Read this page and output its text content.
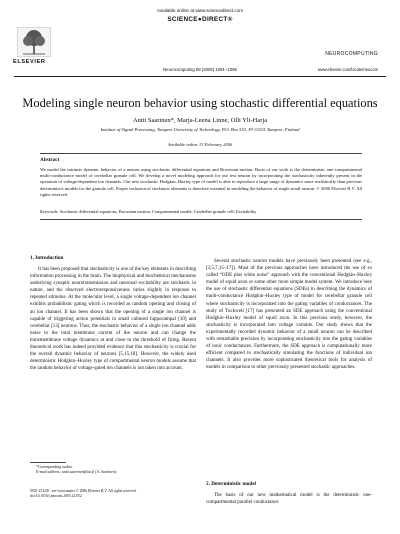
Available online at www.sciencedirect.com
SCIENCE●DIRECT®
ELSEVIER
NEUROCOMPUTING
Neurocomputing 69 (2006) 1091–1096	www.elsevier.com/locate/neucom
Modeling single neuron behavior using stochastic differential equations
Antti Saarinen*, Marja-Leena Linne, Olli Yli-Harja
Institute of Signal Processing, Tampere University of Technology, P.O. Box 553, FI-33101 Tampere, Finland
Available online 13 February 2006
Abstract
We model the intrinsic dynamic behavior of a neuron using stochastic differential equations and Brownian motion. Basis of our work is the deterministic one-compartmental multi-conductance model of cerebellar granule cell. We develop a novel modeling approach for our test neuron by incorporating the stochasticity inherently present in the operation of voltage-dependent ion channels. Our new stochastic Hodgkin–Huxley type of model is able to reproduce a large range of dynamics more realistically than previous deterministic models for the granule cell. Proper inclusion of stochastic elements is therefore essential in modeling the behavior of single small neuron. © 2006 Elsevier B.V. All rights reserved.
Keywords: Stochastic differential equations; Brownian motion; Compartmental model; Cerebellar granule cell; Excitability
1. Introduction
It has been proposed that stochasticity is one of the key elements in describing information processing in the brain. The biophysical and biochemical mechanisms underlying synaptic neurotransmission and neuronal excitability are stochastic in nature, and the observed electroresponsiveness varies slightly in response to repeated stimulus. At the molecular level, a single voltage-dependent ion channel exhibits probabilistic gating which is recorded as random opening and closing of an ion channel. It has been shown that the opening of a single ion channel is capable of triggering action potentials in small cultured hippocampal [10] and cerebellar [13] neurons. Thus, the stochastic behavior of a single ion channel adds noise to the total membrane current of the neuron and can change the transmembrane voltage dynamics at and close to the threshold of firing. Recent theoretical work has indeed provided evidence that this stochasticity is crucial for the overall dynamic behavior of neurons [5,15,18]. However, the widely used deterministic Hodgkin–Huxley type of compartmental neuron models assume that the random behavior of voltage-gated ion channels is not taken into account.
*Corresponding author.
E-mail address: antti.saarinen@tut.fi (A. Saarinen).
0925-2312/$ - see front matter © 2006 Elsevier B.V. All rights reserved.
doi:10.1016/j.neucom.2005.12.052
Several stochastic neuron models have previously been presented (see e.g., [3,5,7,15–17]). Most of the previous approaches have introduced the use of so called “ODE plus white noise” approach with the conventional Hodgkin–Huxley model of squid axon or some other more simple model system. We introduce here the use of stochastic differential equations (SDEs) in describing the dynamics of multi-conductance Hodgkin–Huxley type of model for cerebellar granule cell where stochasticity is incorporated into the gating variables of conductances. The study of Tuckwell [17] has presented an SDE approach using the conventional Hodgkin–Huxley model of squid axon. In this previous study, however, the stochasticity is incorporated into voltage variable. Our study shows that the experimentally recorded dynamic behavior of a small neuron can be described with remarkable precision by incorporating stochasticity into the gating variables of ionic conductances. Furthermore, the SDE approach is computationally more efficient compared to stochastically simulating the functions of individual ion channels. It also provides more sophisticated theoretical tools for analysis of models in comparison to other previously presented stochastic approaches.
2. Deterministic model
The basis of our new mathematical model is the deterministic one-compartmental parallel conductance
